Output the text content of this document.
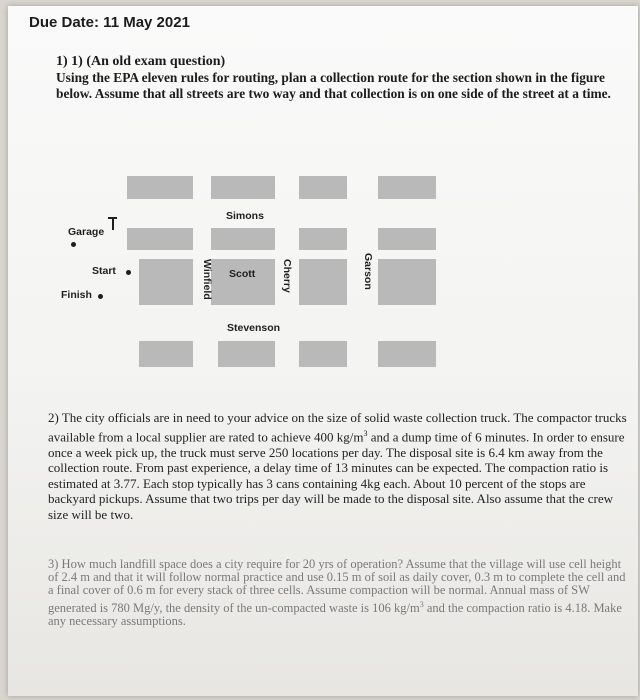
Due Date: 11 May 2021
1) 1) (An old exam question)
Using the EPA eleven rules for routing, plan a collection route for the section shown in the figure below. Assume that all streets are two way and that collection is on one side of the street at a time.
Simons
Garage
Start
Finish
Scott
Stevenson
Winfield	Cherry	Garson
2) The city officials are in need to your advice on the size of solid waste collection truck. The compactor trucks available from a local supplier are rated to achieve 400 $kg/m^3$ and a dump time of 6 minutes. In order to ensure once a week pick up, the truck must serve 250 locations per day. The disposal site is 6.4 km away from the collection route. From past experience, a delay time of 13 minutes can be expected. The compaction ratio is estimated at 3.77. Each stop typically has 3 cans containing 4kg each. About 10 percent of the stops are backyard pickups. Assume that two trips per day will be made to the disposal site. Also assume that the crew size will be two.
3) How much landfill space does a city require for 20 yrs of operation? Assume that the village will use cell height of 2.4 m and that it will follow normal practice and use 0.15 m of soil as daily cover, 0.3 m to complete the cell and a final cover of 0.6 m for every stack of three cells. Assume compaction will be normal. Annual mass of SW generated is 780 Mg/y, the density of the un-compacted waste is 106 $kg/m^3$ and the compaction ratio is 4.18. Make any necessary assumptions.
